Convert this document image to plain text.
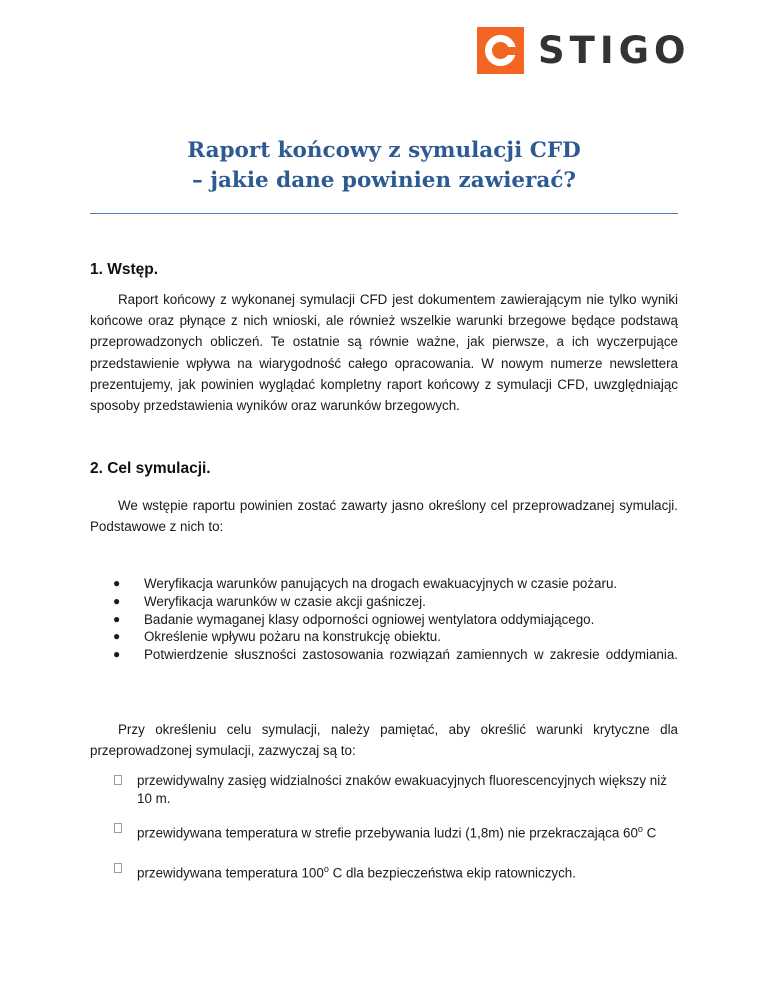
STIGO
Raport końcowy z symulacji CFD
– jakie dane powinien zawierać?
1. Wstęp.
Raport końcowy z wykonanej symulacji CFD jest dokumentem zawierającym nie tylko wyniki końcowe oraz płynące z nich wnioski, ale również wszelkie warunki brzegowe będące podstawą przeprowadzonych obliczeń. Te ostatnie są równie ważne, jak pierwsze, a ich wyczerpujące przedstawienie wpływa na wiarygodność całego opracowania. W nowym numerze newslettera prezentujemy, jak powinien wyglądać kompletny raport końcowy z symulacji CFD, uwzględniając sposoby przedstawienia wyników oraz warunków brzegowych.
2. Cel symulacji.
We wstępie raportu powinien zostać zawarty jasno określony cel przeprowadzanej symulacji. Podstawowe z nich to:
● Weryfikacja warunków panujących na drogach ewakuacyjnych w czasie pożaru.
● Weryfikacja warunków w czasie akcji gaśniczej.
● Badanie wymaganej klasy odporności ogniowej wentylatora oddymiającego.
● Określenie wpływu pożaru na konstrukcję obiektu.
● Potwierdzenie słuszności zastosowania rozwiązań zamiennych w zakresie oddymiania.
Przy określeniu celu symulacji, należy pamiętać, aby określić warunki krytyczne dla przeprowadzonej symulacji, zazwyczaj są to:
przewidywalny zasięg widzialności znaków ewakuacyjnych fluorescencyjnych większy niż 10 m.
przewidywana temperatura w strefie przebywania ludzi (1,8m) nie przekraczająca 60$^o$ C
przewidywana temperatura 100$^o$ C dla bezpieczeństwa ekip ratowniczych.
